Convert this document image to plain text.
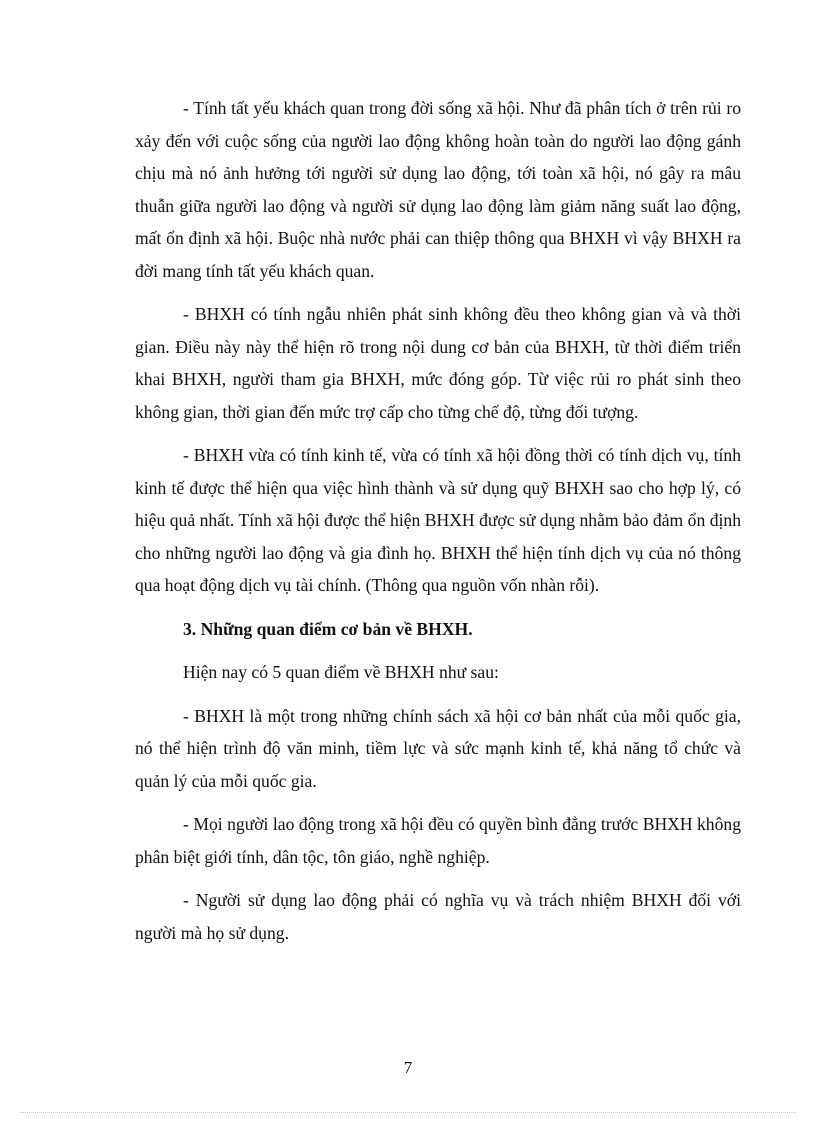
- Tính tất yếu khách quan trong đời sống xã hội. Như đã phân tích ở trên rủi ro xảy đến với cuộc sống của người lao động không hoàn toàn do người lao động gánh chịu mà nó ảnh hưởng tới người sử dụng lao động, tới toàn xã hội, nó gây ra mâu thuẫn giữa người lao động và người sử dụng lao động làm giảm năng suất lao động, mất ổn định xã hội. Buộc nhà nước phải can thiệp thông qua BHXH vì vậy BHXH ra đời mang tính tất yếu khách quan.

- BHXH có tính ngẫu nhiên phát sinh không đều theo không gian và và thời gian. Điều này này thể hiện rõ trong nội dung cơ bản của BHXH, từ thời điểm triển khai BHXH, người tham gia BHXH, mức đóng góp. Từ việc rủi ro phát sinh theo không gian, thời gian đến mức trợ cấp cho từng chế độ, từng đối tượng.

- BHXH vừa có tính kinh tế, vừa có tính xã hội đồng thời có tính dịch vụ, tính kinh tế được thể hiện qua việc hình thành và sử dụng quỹ BHXH sao cho hợp lý, có hiệu quả nhất. Tính xã hội được thể hiện BHXH được sử dụng nhằm bảo đảm ổn định cho những người lao động và gia đình họ. BHXH thể hiện tính dịch vụ của nó thông qua hoạt động dịch vụ tài chính. (Thông qua nguồn vốn nhàn rỗi).

3. Những quan điểm cơ bản về BHXH.

Hiện nay có 5 quan điểm về BHXH như sau:

- BHXH là một trong những chính sách xã hội cơ bản nhất của mỗi quốc gia, nó thể hiện trình độ văn minh, tiềm lực và sức mạnh kinh tế, khả năng tổ chức và quản lý của mỗi quốc gia.

- Mọi người lao động trong xã hội đều có quyền bình đẳng trước BHXH không phân biệt giới tính, dân tộc, tôn giáo, nghề nghiệp.

- Người sử dụng lao động phải có nghĩa vụ và trách nhiệm BHXH đối với người mà họ sử dụng.

7
